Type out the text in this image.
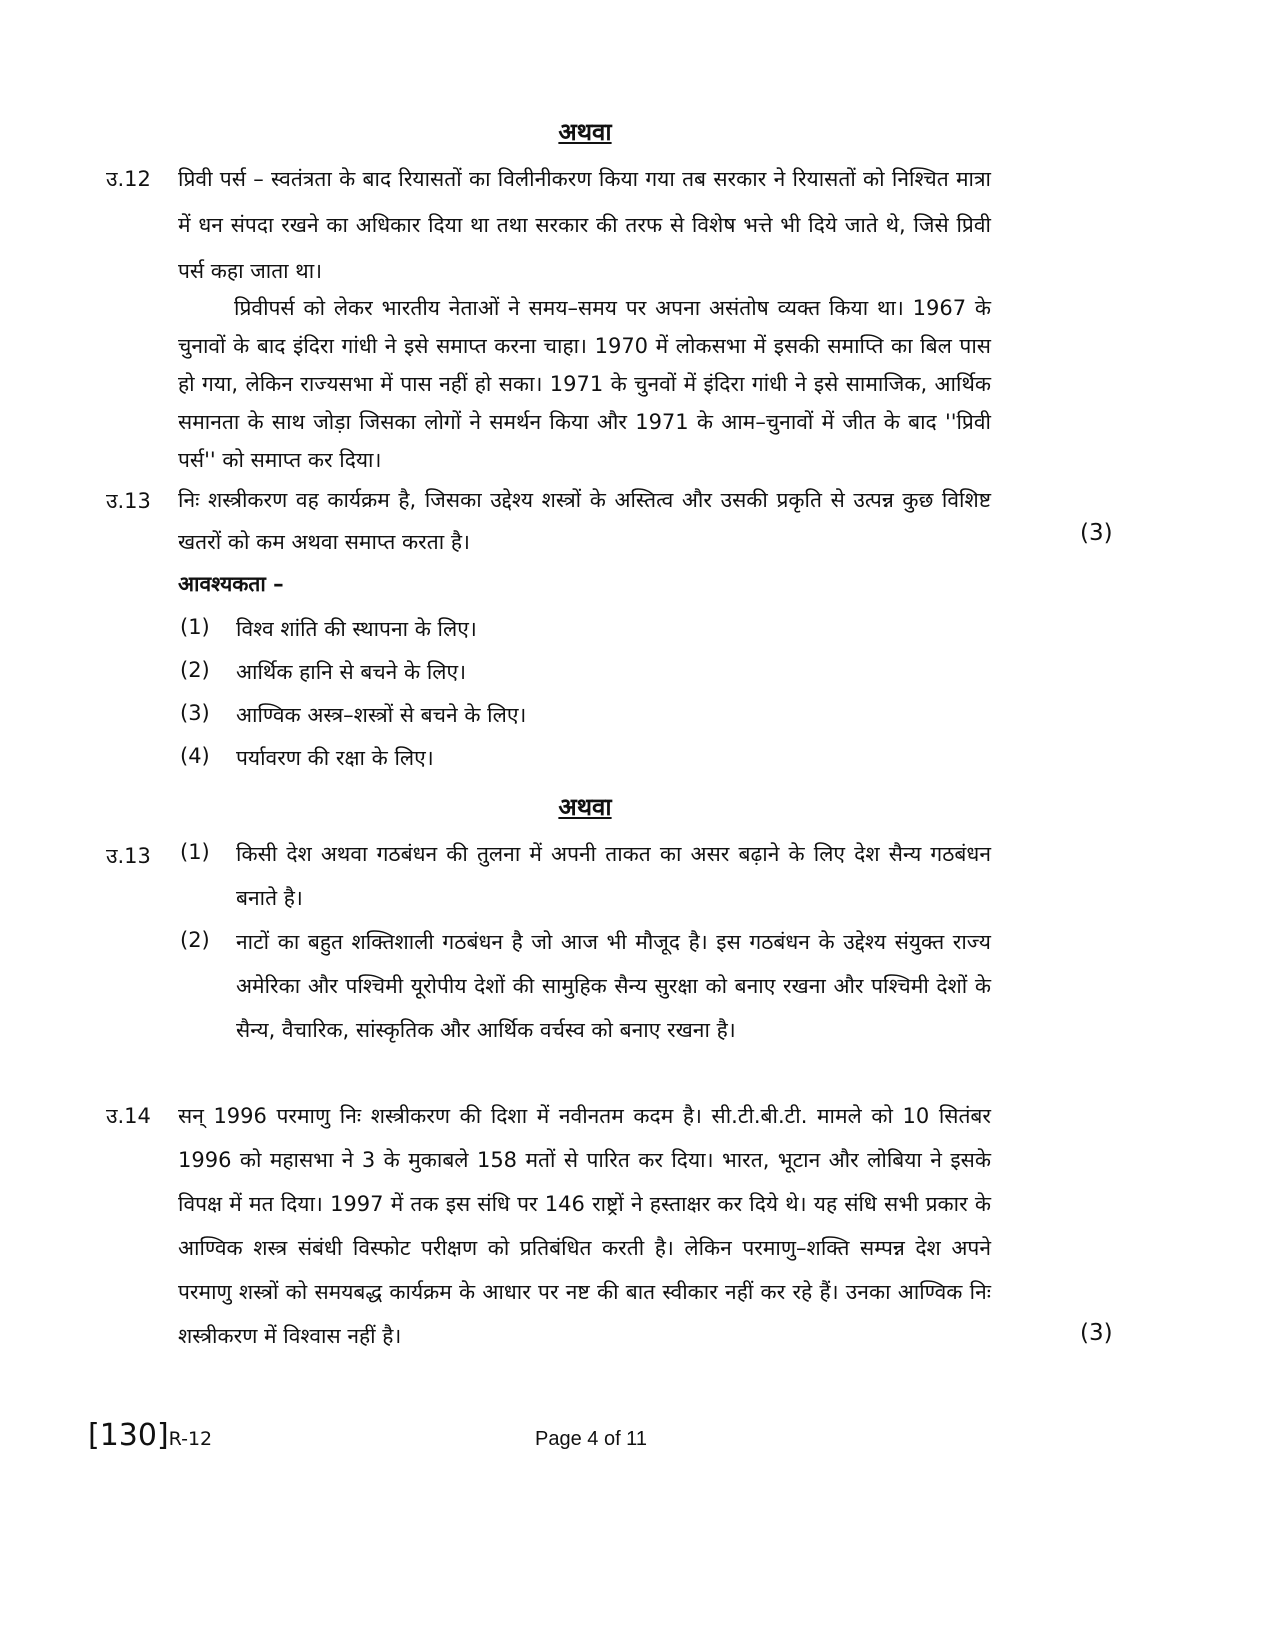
अथवा
उ.12 प्रिवी पर्स – स्वतंत्रता के बाद रियासतों का विलीनीकरण किया गया तब सरकार ने रियासतों को निश्चित मात्रा में धन संपदा रखने का अधिकार दिया था तथा सरकार की तरफ से विशेष भत्ते भी दिये जाते थे, जिसे प्रिवी पर्स कहा जाता था।
प्रिवीपर्स को लेकर भारतीय नेताओं ने समय–समय पर अपना असंतोष व्यक्त किया था। 1967 के चुनावों के बाद इंदिरा गांधी ने इसे समाप्त करना चाहा। 1970 में लोकसभा में इसकी समाप्ति का बिल पास हो गया, लेकिन राज्यसभा में पास नहीं हो सका। 1971 के चुनवों में इंदिरा गांधी ने इसे सामाजिक, आर्थिक समानता के साथ जोड़ा जिसका लोगों ने समर्थन किया और 1971 के आम–चुनावों में जीत के बाद ''प्रिवी पर्स'' को समाप्त कर दिया।
उ.13 निः शस्त्रीकरण वह कार्यक्रम है, जिसका उद्देश्य शस्त्रों के अस्तित्व और उसकी प्रकृति से उत्पन्न कुछ विशिष्ट खतरों को कम अथवा समाप्त करता है।	(3)
आवश्यकता –
(1) विश्व शांति की स्थापना के लिए।
(2) आर्थिक हानि से बचने के लिए।
(3) आण्विक अस्त्र–शस्त्रों से बचने के लिए।
(4) पर्यावरण की रक्षा के लिए।
अथवा
उ.13 (1) किसी देश अथवा गठबंधन की तुलना में अपनी ताकत का असर बढ़ाने के लिए देश सैन्य गठबंधन बनाते है।
(2) नाटों का बहुत शक्तिशाली गठबंधन है जो आज भी मौजूद है। इस गठबंधन के उद्देश्य संयुक्त राज्य अमेरिका और पश्चिमी यूरोपीय देशों की सामुहिक सैन्य सुरक्षा को बनाए रखना और पश्चिमी देशों के सैन्य, वैचारिक, सांस्कृतिक और आर्थिक वर्चस्व को बनाए रखना है।
उ.14 सन् 1996 परमाणु निः शस्त्रीकरण की दिशा में नवीनतम कदम है। सी.टी.बी.टी. मामले को 10 सितंबर 1996 को महासभा ने 3 के मुकाबले 158 मतों से पारित कर दिया। भारत, भूटान और लोबिया ने इसके विपक्ष में मत दिया। 1997 में तक इस संधि पर 146 राष्ट्रों ने हस्ताक्षर कर दिये थे। यह संधि सभी प्रकार के आण्विक शस्त्र संबंधी विस्फोट परीक्षण को प्रतिबंधित करती है। लेकिन परमाणु–शक्ति सम्पन्न देश अपने परमाणु शस्त्रों को समयबद्ध कार्यक्रम के आधार पर नष्ट की बात स्वीकार नहीं कर रहे हैं। उनका आण्विक निः शस्त्रीकरण में विश्वास नहीं है।	(3)
[130]R-12	Page 4 of 11
